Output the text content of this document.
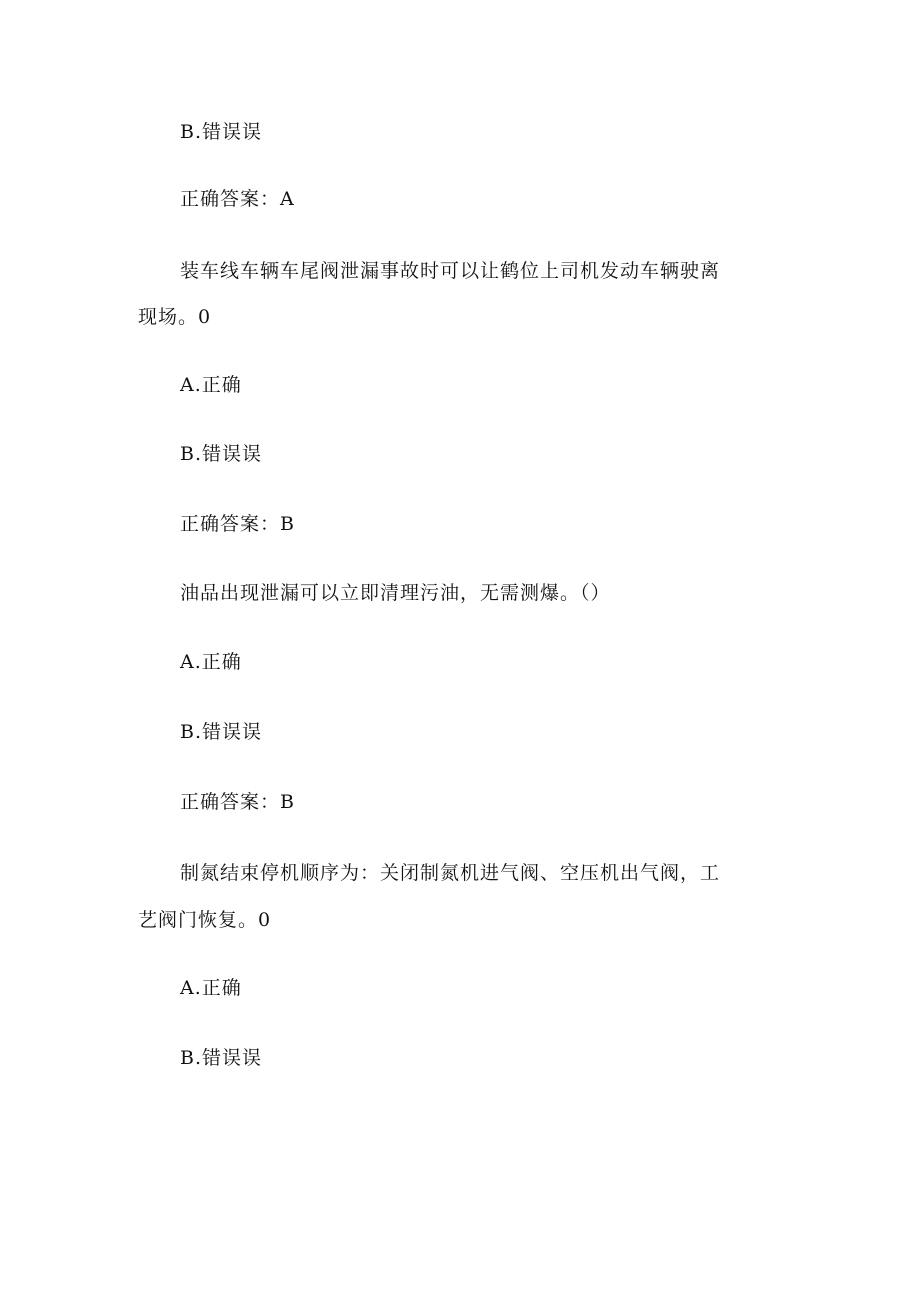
B.错误误
正确答案：A
装车线车辆车尾阀泄漏事故时可以让鹤位上司机发动车辆驶离
现场。0
A.正确
B.错误误
正确答案：B
油品出现泄漏可以立即清理污油，无需测爆。（）
A.正确
B.错误误
正确答案：B
制氮结束停机顺序为：关闭制氮机进气阀、空压机出气阀，工
艺阀门恢复。0
A.正确
B.错误误
